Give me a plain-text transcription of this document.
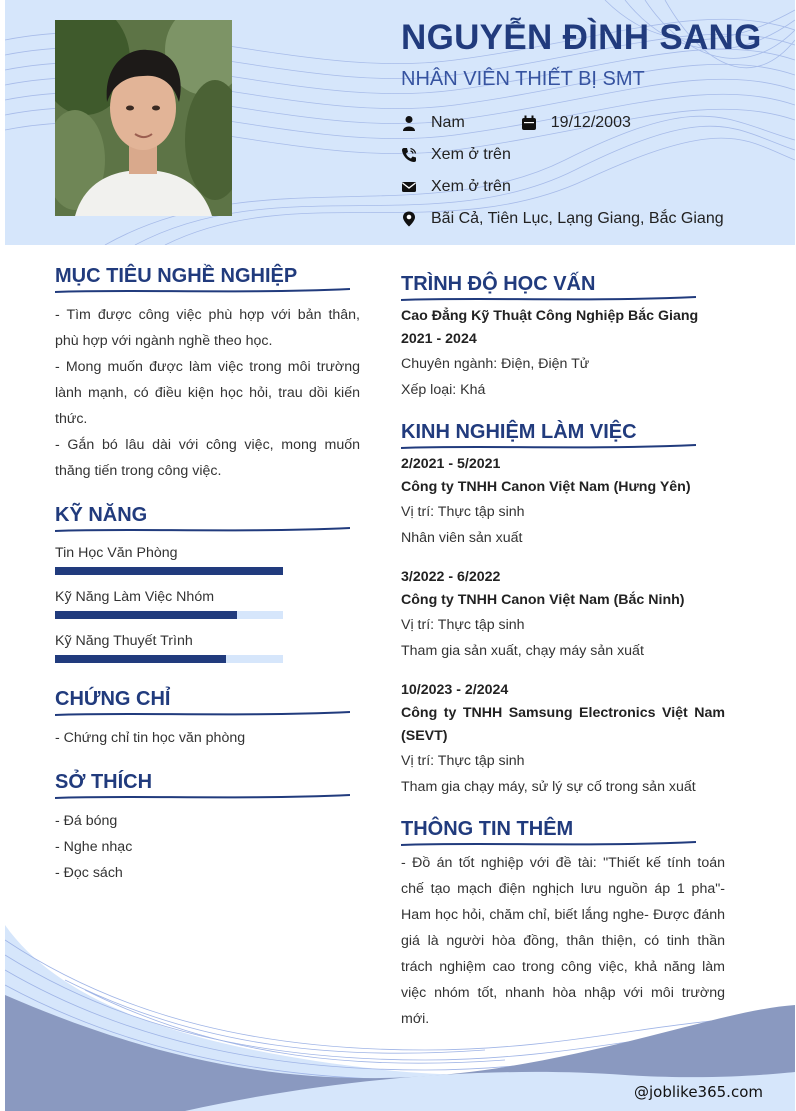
NGUYỄN ĐÌNH SANG
NHÂN VIÊN THIẾT BỊ SMT
Nam	19/12/2003
Xem ở trên
Xem ở trên
Bãi Cả, Tiên Lục, Lạng Giang, Bắc Giang
MỤC TIÊU NGHỀ NGHIỆP
- Tìm được công việc phù hợp với bản thân, phù hợp với ngành nghề theo học.
- Mong muốn được làm việc trong môi trường lành mạnh, có điều kiện học hỏi, trau dồi kiến thức.
- Gắn bó lâu dài với công việc, mong muốn thăng tiến trong công việc.
KỸ NĂNG
Tin Học Văn Phòng
Kỹ Năng Làm Việc Nhóm
Kỹ Năng Thuyết Trình
CHỨNG CHỈ
- Chứng chỉ tin học văn phòng
SỞ THÍCH
- Đá bóng
- Nghe nhạc
- Đọc sách
TRÌNH ĐỘ HỌC VẤN
Cao Đẳng Kỹ Thuật Công Nghiệp Bắc Giang
2021 - 2024
Chuyên ngành: Điện, Điện Tử
Xếp loại: Khá
KINH NGHIỆM LÀM VIỆC
2/2021 - 5/2021
Công ty TNHH Canon Việt Nam (Hưng Yên)
Vị trí: Thực tập sinh
Nhân viên sản xuất
3/2022 - 6/2022
Công ty TNHH Canon Việt Nam (Bắc Ninh)
Vị trí: Thực tập sinh
Tham gia sản xuất, chạy máy sản xuất
10/2023 - 2/2024
Công ty TNHH Samsung Electronics Việt Nam
(SEVT)
Vị trí: Thực tập sinh
Tham gia chạy máy, sử lý sự cố trong sản xuất
THÔNG TIN THÊM
- Đồ án tốt nghiệp với đề tài: "Thiết kế tính toán chế tạo mạch điện nghịch lưu nguồn áp 1 pha"- Ham học hỏi, chăm chỉ, biết lắng nghe- Được đánh giá là người hòa đồng, thân thiện, có tinh thần trách nghiệm cao trong công việc, khả năng làm việc nhóm tốt, nhanh hòa nhập với môi trường mới.
@joblike365.com
